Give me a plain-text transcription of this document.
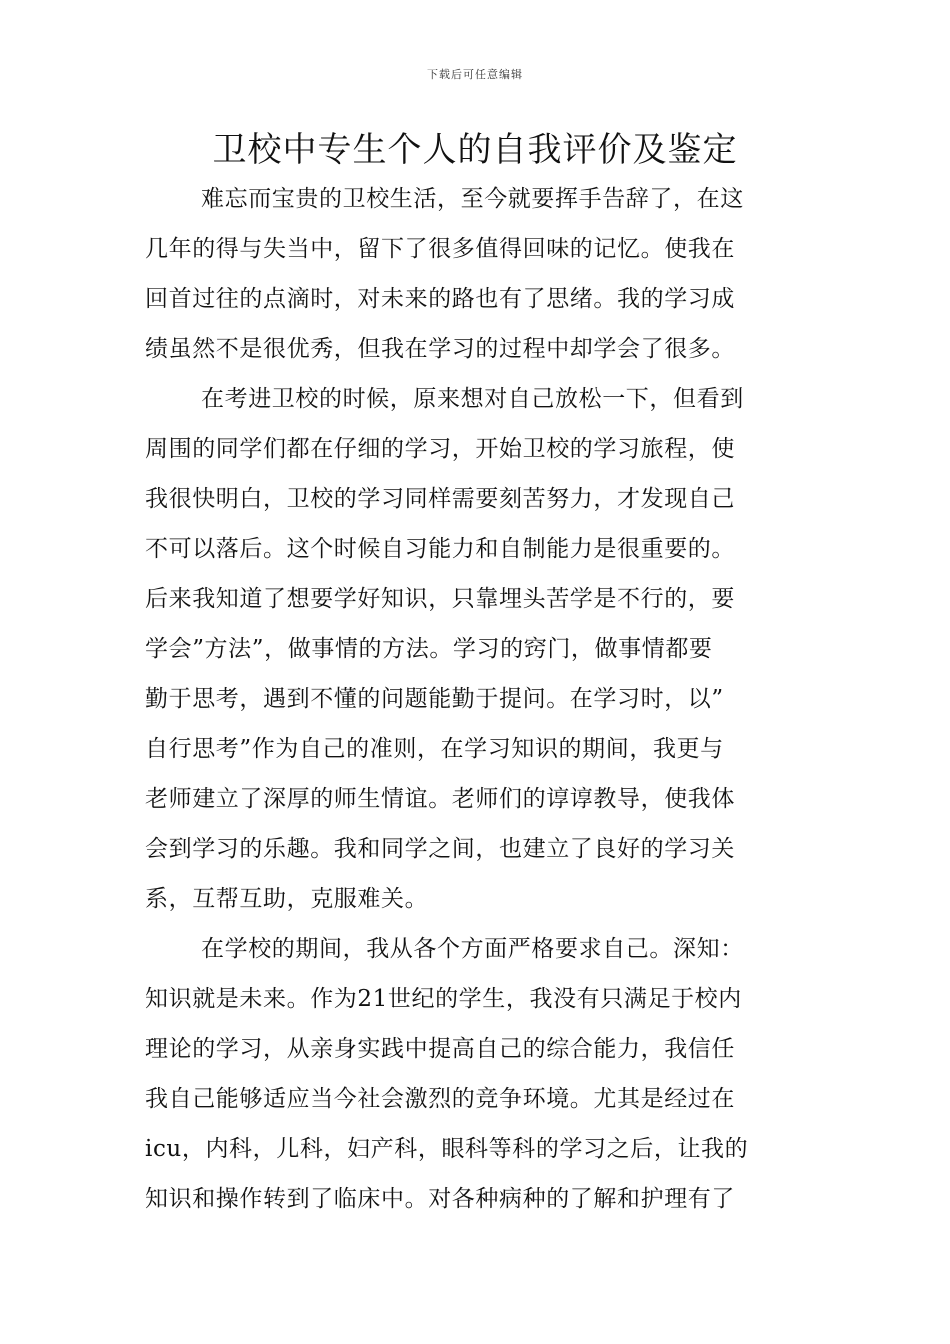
下载后可任意编辑
卫校中专生个人的自我评价及鉴定
难忘而宝贵的卫校生活，至今就要挥手告辞了，在这
几年的得与失当中，留下了很多值得回味的记忆。使我在
回首过往的点滴时，对未来的路也有了思绪。我的学习成
绩虽然不是很优秀，但我在学习的过程中却学会了很多。
在考进卫校的时候，原来想对自己放松一下，但看到
周围的同学们都在仔细的学习，开始卫校的学习旅程，使
我很快明白，卫校的学习同样需要刻苦努力，才发现自己
不可以落后。这个时候自习能力和自制能力是很重要的。
后来我知道了想要学好知识，只靠埋头苦学是不行的，要
学会”方法”，做事情的方法。学习的窍门，做事情都要
勤于思考，遇到不懂的问题能勤于提问。在学习时，以”
自行思考”作为自己的准则，在学习知识的期间，我更与
老师建立了深厚的师生情谊。老师们的谆谆教导，使我体
会到学习的乐趣。我和同学之间，也建立了良好的学习关
系，互帮互助，克服难关。
在学校的期间，我从各个方面严格要求自己。深知：
知识就是未来。作为21世纪的学生，我没有只满足于校内
理论的学习，从亲身实践中提高自己的综合能力，我信任
我自己能够适应当今社会激烈的竞争环境。尤其是经过在
icu，内科，儿科，妇产科，眼科等科的学习之后，让我的
知识和操作转到了临床中。对各种病种的了解和护理有了
